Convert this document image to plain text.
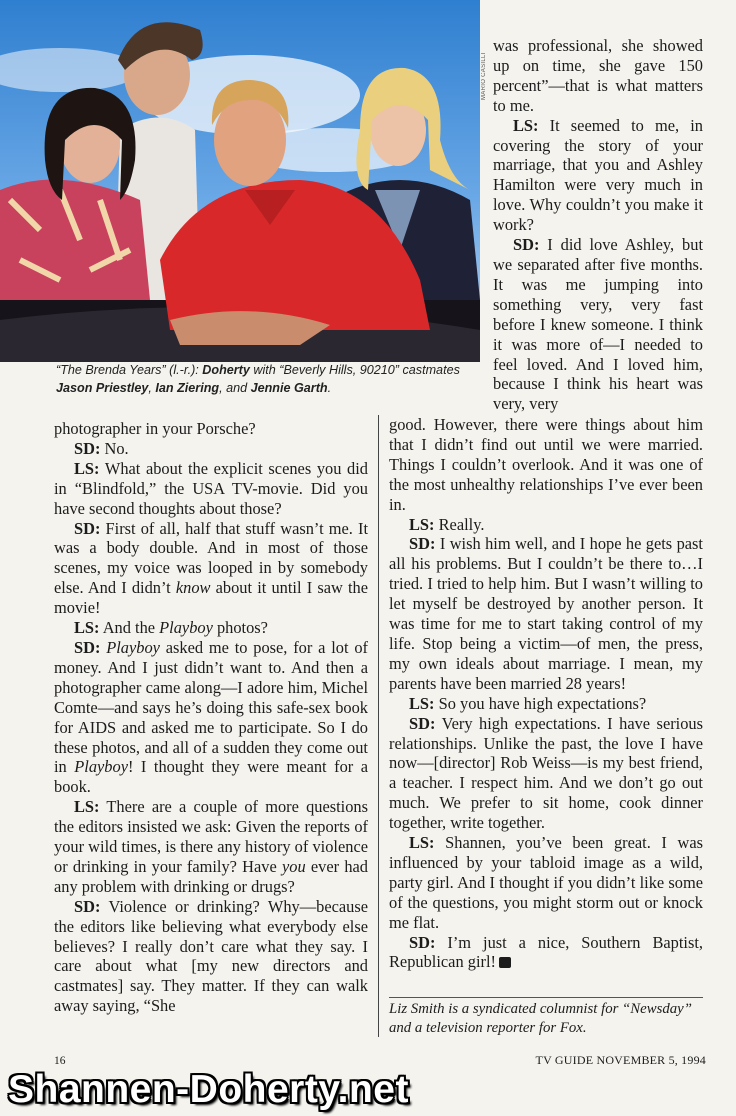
MARIO CASILLI
“The Brenda Years” (l.-r.): Doherty with “Beverly Hills, 90210” castmates Jason Priestley, Ian Ziering, and Jennie Garth.

was professional, she showed up on time, she gave 150 percent”—that is what matters to me.

LS: It seemed to me, in covering the story of your marriage, that you and Ashley Hamilton were very much in love. Why couldn’t you make it work?

SD: I did love Ashley, but we separated after five months. It was me jumping into something very, very fast before I knew someone. I think it was more of—I needed to feel loved. And I loved him, because I think his heart was very, very

photographer in your Porsche?

SD: No.

LS: What about the explicit scenes you did in “Blindfold,” the USA TV-movie. Did you have second thoughts about those?

SD: First of all, half that stuff wasn’t me. It was a body double. And in most of those scenes, my voice was looped in by somebody else. And I didn’t know about it until I saw the movie!

LS: And the Playboy photos?

SD: Playboy asked me to pose, for a lot of money. And I just didn’t want to. And then a photographer came along—I adore him, Michel Comte—and says he’s doing this safe-sex book for AIDS and asked me to participate. So I do these photos, and all of a sudden they come out in Playboy! I thought they were meant for a book.

LS: There are a couple of more questions the editors insisted we ask: Given the reports of your wild times, is there any history of violence or drinking in your family? Have you ever had any problem with drinking or drugs?

SD: Violence or drinking? Why—because the editors like believing what everybody else believes? I really don’t care what they say. I care about what [my new directors and castmates] say. They matter. If they can walk away saying, “She

good. However, there were things about him that I didn’t find out until we were married. Things I couldn’t overlook. And it was one of the most unhealthy relationships I’ve ever been in.

LS: Really.

SD: I wish him well, and I hope he gets past all his problems. But I couldn’t be there to…I tried. I tried to help him. But I wasn’t willing to let myself be destroyed by another person. It was time for me to start taking control of my life. Stop being a victim—of men, the press, my own ideals about marriage. I mean, my parents have been married 28 years!

LS: So you have high expectations?

SD: Very high expectations. I have serious relationships. Unlike the past, the love I have now—[director] Rob Weiss—is my best friend, a teacher. I respect him. And we don’t go out much. We prefer to sit home, cook dinner together, write together.

LS: Shannen, you’ve been great. I was influenced by your tabloid image as a wild, party girl. And I thought if you didn’t like some of the questions, you might storm out or knock me flat.

SD: I’m just a nice, Southern Baptist, Republican girl!

Liz Smith is a syndicated columnist for “Newsday” and a television reporter for Fox.
16	TV GUIDE NOVEMBER 5, 1994
Shannen-Doherty.net
